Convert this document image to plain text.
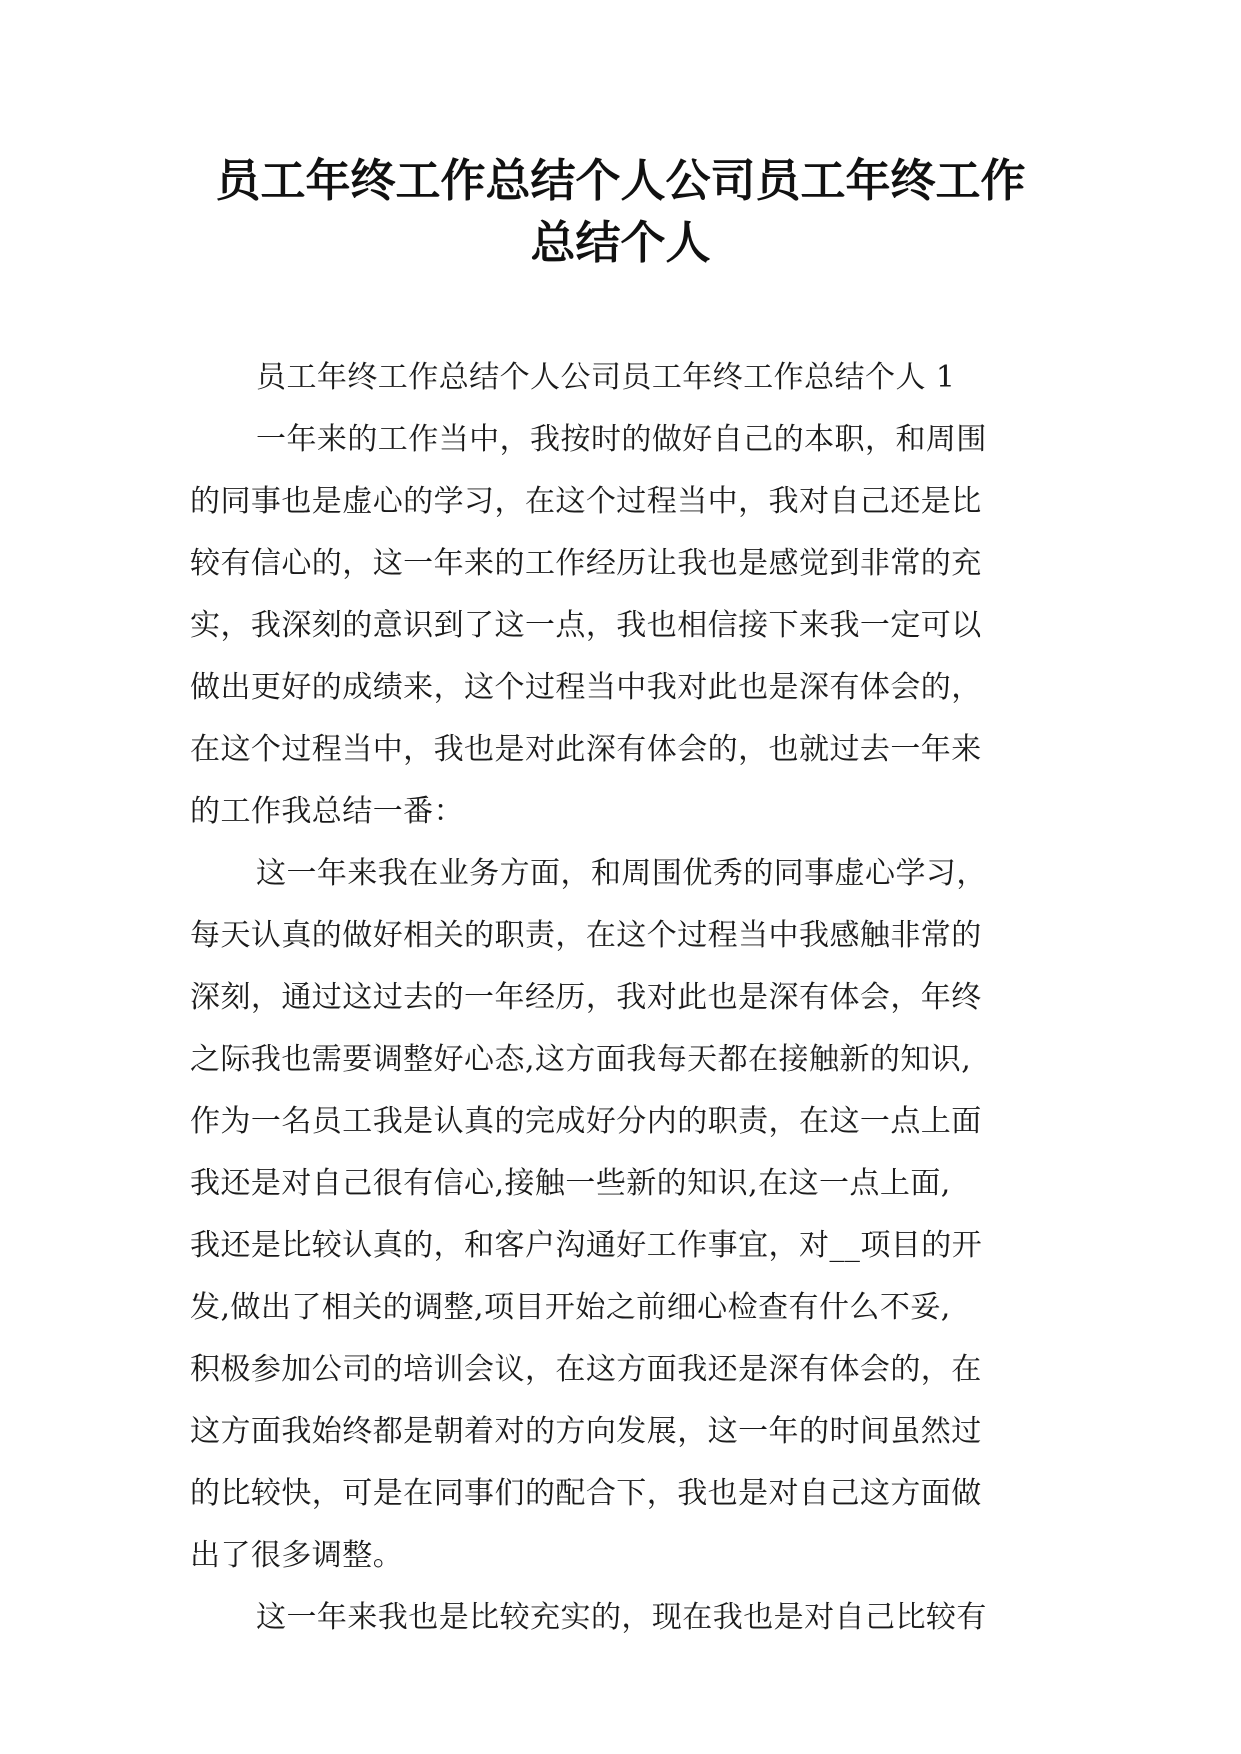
员工年终工作总结个人公司员工年终工作
总结个人

员工年终工作总结个人公司员工年终工作总结个人 1

一年来的工作当中，我按时的做好自己的本职，和周围
的同事也是虚心的学习，在这个过程当中，我对自己还是比
较有信心的，这一年来的工作经历让我也是感觉到非常的充
实，我深刻的意识到了这一点，我也相信接下来我一定可以
做出更好的成绩来，这个过程当中我对此也是深有体会的，
在这个过程当中，我也是对此深有体会的，也就过去一年来
的工作我总结一番：

这一年来我在业务方面，和周围优秀的同事虚心学习，
每天认真的做好相关的职责，在这个过程当中我感触非常的
深刻，通过这过去的一年经历，我对此也是深有体会，年终
之际我也需要调整好心态,这方面我每天都在接触新的知识,
作为一名员工我是认真的完成好分内的职责，在这一点上面
我还是对自己很有信心,接触一些新的知识,在这一点上面,
我还是比较认真的，和客户沟通好工作事宜，对__项目的开
发,做出了相关的调整,项目开始之前细心检查有什么不妥,
积极参加公司的培训会议，在这方面我还是深有体会的，在
这方面我始终都是朝着对的方向发展，这一年的时间虽然过
的比较快，可是在同事们的配合下，我也是对自己这方面做
出了很多调整。

这一年来我也是比较充实的，现在我也是对自己比较有
